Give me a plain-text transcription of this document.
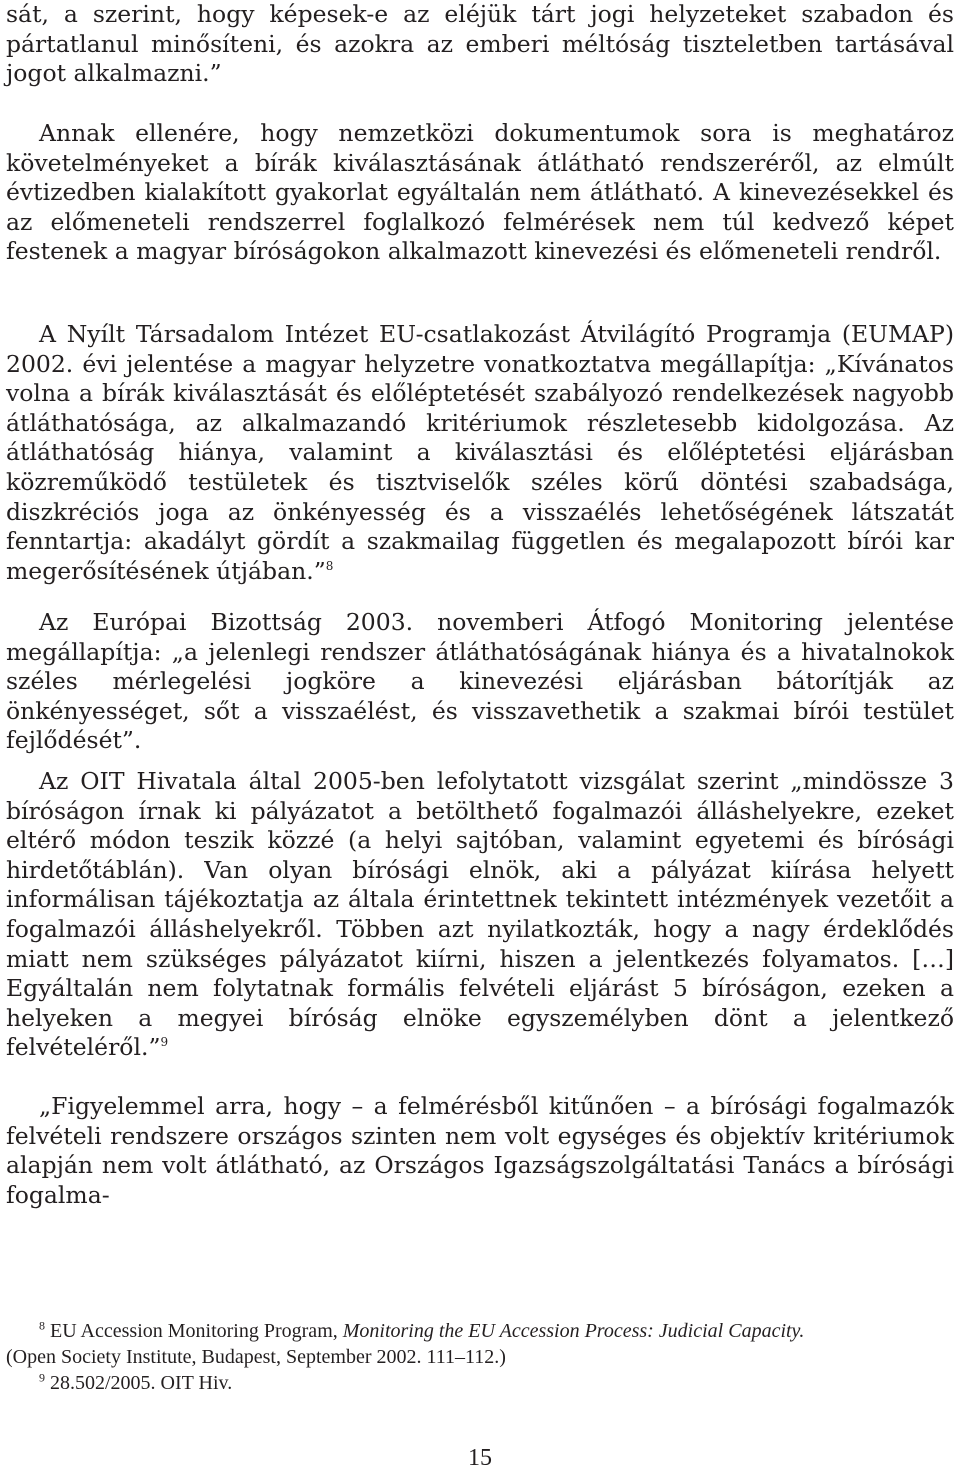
sát, a szerint, hogy képesek-e az eléjük tárt jogi helyzeteket szabadon és pártatlanul minősíteni, és azokra az emberi méltóság tiszteletben tartásával jogot alkalmazni.”

Annak ellenére, hogy nemzetközi dokumentumok sora is meghatároz követelményeket a bírák kiválasztásának átlátható rendszeréről, az elmúlt évtizedben kialakított gyakorlat egyáltalán nem átlátható. A kinevezésekkel és az előmeneteli rendszerrel foglalkozó felmérések nem túl kedvező képet festenek a magyar bíróságokon alkalmazott kinevezési és előmeneteli rendről.

A Nyílt Társadalom Intézet EU-csatlakozást Átvilágító Programja (EUMAP) 2002. évi jelentése a magyar helyzetre vonatkoztatva megállapítja: „Kívánatos volna a bírák kiválasztását és előléptetését szabályozó rendelkezések nagyobb átláthatósága, az alkalmazandó kritériumok részletesebb kidolgozása. Az átláthatóság hiánya, valamint a kiválasztási és előléptetési eljárásban közreműködő testületek és tisztviselők széles körű döntési szabadsága, diszkréciós joga az önkényesség és a visszaélés lehetőségének látszatát fenntartja: akadályt gördít a szakmailag független és megalapozott bírói kar megerősítésének útjában.”$^8$

Az Európai Bizottság 2003. novemberi Átfogó Monitoring jelentése megállapítja: „a jelenlegi rendszer átláthatóságának hiánya és a hivatalnokok széles mérlegelési jogköre a kinevezési eljárásban bátorítják az önkényességet, sőt a visszaélést, és visszavethetik a szakmai bírói testület fejlődését”.

Az OIT Hivatala által 2005-ben lefolytatott vizsgálat szerint „mindössze 3 bíróságon írnak ki pályázatot a betölthető fogalmazói álláshelyekre, ezeket eltérő módon teszik közzé (a helyi sajtóban, valamint egyetemi és bírósági hirdetőtáblán). Van olyan bírósági elnök, aki a pályázat kiírása helyett informálisan tájékoztatja az általa érintettnek tekintett intézmények vezetőit a fogalmazói álláshelyekről. Többen azt nyilatkozták, hogy a nagy érdeklődés miatt nem szükséges pályázatot kiírni, hiszen a jelentkezés folyamatos. […] Egyáltalán nem folytatnak formális felvételi eljárást 5 bíróságon, ezeken a helyeken a megyei bíróság elnöke egyszemélyben dönt a jelentkező felvételéről.”$^9$

„Figyelemmel arra, hogy – a felmérésből kitűnően – a bírósági fogalmazók felvételi rendszere országos szinten nem volt egységes és objektív kritériumok alapján nem volt átlátható, az Országos Igazságszolgáltatási Tanács a bírósági fogalma-

$^8$ EU Accession Monitoring Program, Monitoring the EU Accession Process: Judicial Capacity.

(Open Society Institute, Budapest, September 2002. 111–112.)

$^9$ 28.502/2005. OIT Hiv.

15
